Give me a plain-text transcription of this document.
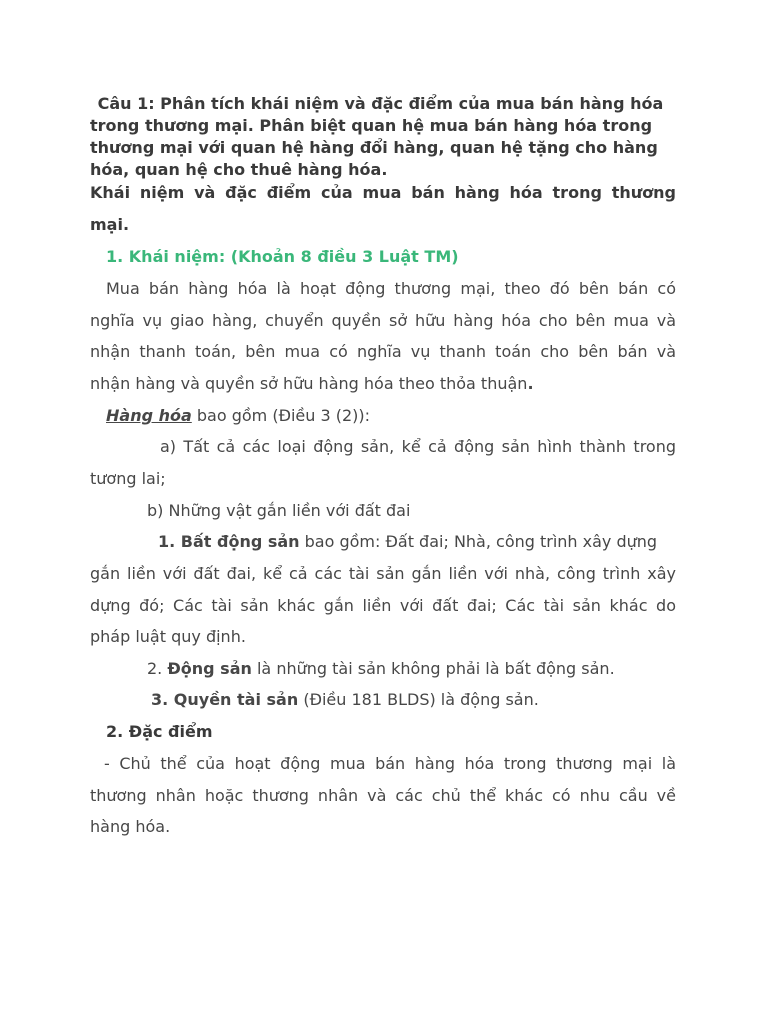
Câu 1: Phân tích khái niệm và đặc điểm của mua bán hàng hóa
trong thương mại. Phân biệt quan hệ mua bán hàng hóa trong
thương mại với quan hệ hàng đổi hàng, quan hệ tặng cho hàng
hóa, quan hệ cho thuê hàng hóa.
Khái niệm và đặc điểm của mua bán hàng hóa trong thương
mại.
1. Khái niệm: (Khoản 8 điều 3 Luật TM)
Mua bán hàng hóa là hoạt động thương mại, theo đó bên bán có
nghĩa vụ giao hàng, chuyển quyền sở hữu hàng hóa cho bên mua và
nhận thanh toán, bên mua có nghĩa vụ thanh toán cho bên bán và
nhận hàng và quyền sở hữu hàng hóa theo thỏa thuận.
Hàng hóa bao gồm (Điều 3 (2)):
a) Tất cả các loại động sản, kể cả động sản hình thành trong
tương lai;
b) Những vật gắn liền với đất đai
1. Bất động sản bao gồm: Đất đai; Nhà, công trình xây dựng
gắn liền với đất đai, kể cả các tài sản gắn liền với nhà, công trình xây
dựng đó; Các tài sản khác gắn liền với đất đai; Các tài sản khác do
pháp luật quy định.
2. Động sản là những tài sản không phải là bất động sản.
3. Quyền tài sản (Điều 181 BLDS) là động sản.
2. Đặc điểm
- Chủ thể của hoạt động mua bán hàng hóa trong thương mại là
thương nhân hoặc thương nhân và các chủ thể khác có nhu cầu về
hàng hóa.
